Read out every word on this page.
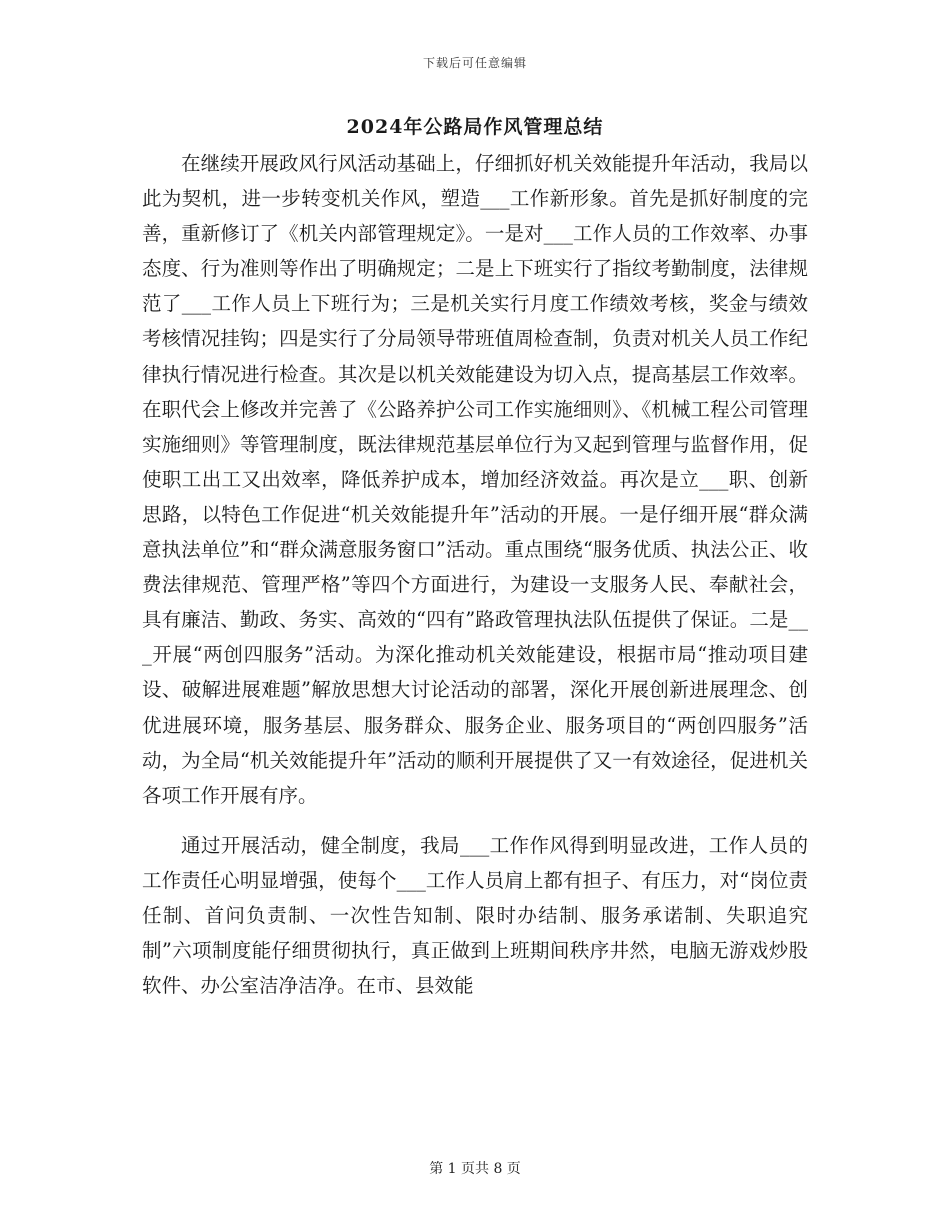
下载后可任意编辑
2024年公路局作风管理总结

在继续开展政风行风活动基础上，仔细抓好机关效能提升年活动，我局以此为契机，进一步转变机关作风，塑造___工作新形象。首先是抓好制度的完善，重新修订了《机关内部管理规定》。一是对___工作人员的工作效率、办事态度、行为准则等作出了明确规定；二是上下班实行了指纹考勤制度，法律规范了___工作人员上下班行为；三是机关实行月度工作绩效考核，奖金与绩效考核情况挂钩；四是实行了分局领导带班值周检查制，负责对机关人员工作纪律执行情况进行检查。其次是以机关效能建设为切入点，提高基层工作效率。在职代会上修改并完善了《公路养护公司工作实施细则》、《机械工程公司管理实施细则》等管理制度，既法律规范基层单位行为又起到管理与监督作用，促使职工出工又出效率，降低养护成本，增加经济效益。再次是立___职、创新思路，以特色工作促进“机关效能提升年”活动的开展。一是仔细开展“群众满意执法单位”和“群众满意服务窗口”活动。重点围绕“服务优质、执法公正、收费法律规范、管理严格”等四个方面进行，为建设一支服务人民、奉献社会，具有廉洁、勤政、务实、高效的“四有”路政管理执法队伍提供了保证。二是___开展“两创四服务”活动。为深化推动机关效能建设，根据市局“推动项目建设、破解进展难题”解放思想大讨论活动的部署，深化开展创新进展理念、创优进展环境，服务基层、服务群众、服务企业、服务项目的“两创四服务”活动，为全局“机关效能提升年”活动的顺利开展提供了又一有效途径，促进机关各项工作开展有序。

通过开展活动，健全制度，我局___工作作风得到明显改进，工作人员的工作责任心明显增强，使每个___工作人员肩上都有担子、有压力，对“岗位责任制、首问负责制、一次性告知制、限时办结制、服务承诺制、失职追究制”六项制度能仔细贯彻执行，真正做到上班期间秩序井然，电脑无游戏炒股软件、办公室洁净洁净。在市、县效能

第 1 页共 8 页
